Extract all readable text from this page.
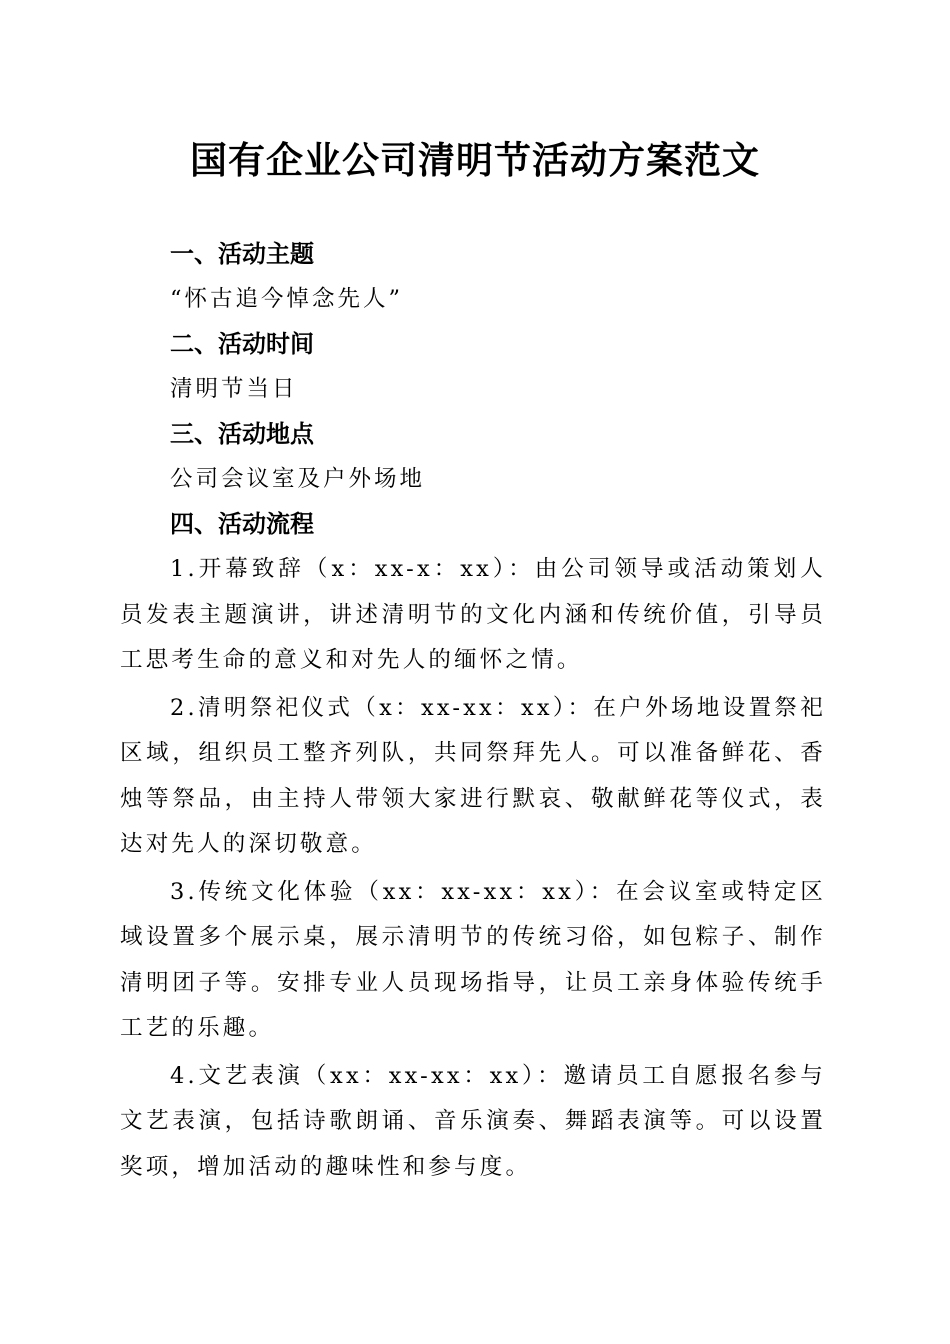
国有企业公司清明节活动方案范文
一、活动主题

“怀古追今悼念先人”

二、活动时间

清明节当日

三、活动地点

公司会议室及户外场地

四、活动流程

1.开幕致辞（x：xx-x：xx）：由公司领导或活动策划人员发表主题演讲，讲述清明节的文化内涵和传统价值，引导员工思考生命的意义和对先人的缅怀之情。

2.清明祭祀仪式（x：xx-xx：xx）：在户外场地设置祭祀区域，组织员工整齐列队，共同祭拜先人。可以准备鲜花、香烛等祭品，由主持人带领大家进行默哀、敬献鲜花等仪式，表达对先人的深切敬意。

3.传统文化体验（xx：xx-xx：xx）：在会议室或特定区域设置多个展示桌，展示清明节的传统习俗，如包粽子、制作清明团子等。安排专业人员现场指导，让员工亲身体验传统手工艺的乐趣。

4.文艺表演（xx：xx-xx：xx）：邀请员工自愿报名参与文艺表演，包括诗歌朗诵、音乐演奏、舞蹈表演等。可以设置奖项，增加活动的趣味性和参与度。
